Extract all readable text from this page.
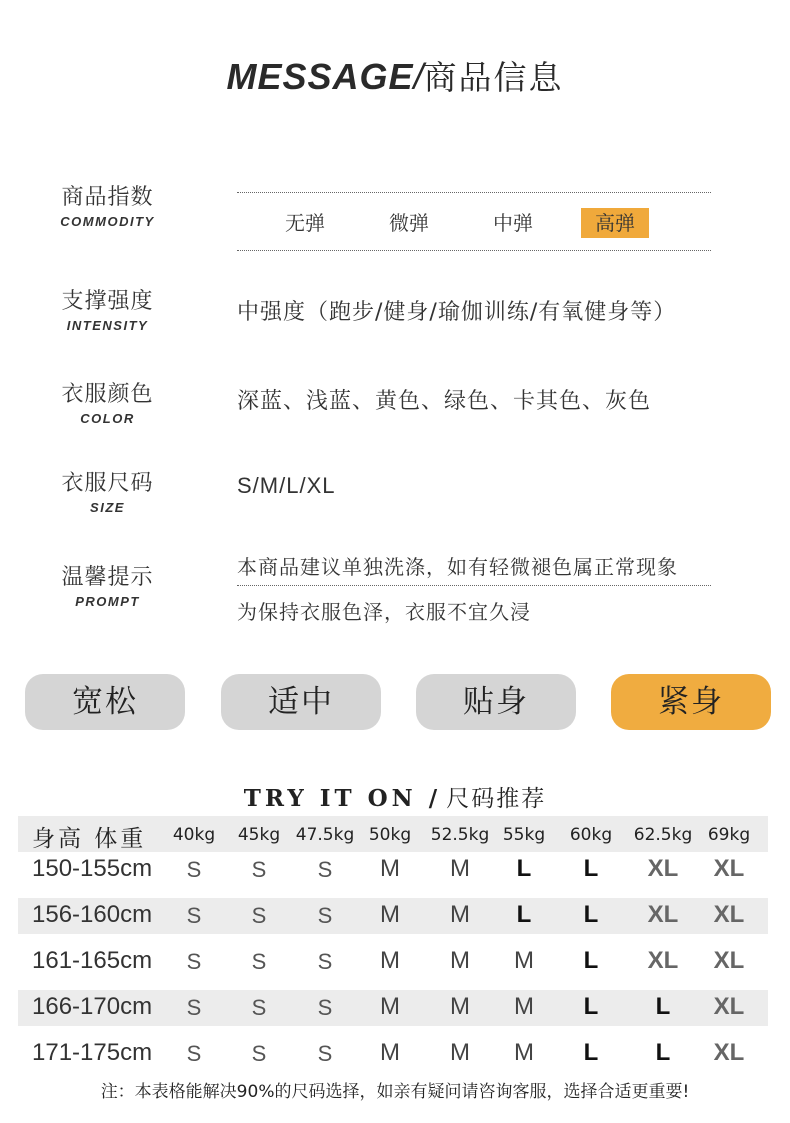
MESSAGE/商品信息
商品指数
COMMODITY	无弹	微弹	中弹	高弹
支撑强度
INTENSITY
中强度（跑步/健身/瑜伽训练/有氧健身等）
衣服颜色
COLOR
深蓝、浅蓝、黄色、绿色、卡其色、灰色
衣服尺码
SIZE
S/M/L/XL
温馨提示
PROMPT
本商品建议单独洗涤，如有轻微褪色属正常现象
为保持衣服色泽，衣服不宜久浸
宽松	适中	贴身	紧身
TRY IT ON / 尺码推荐
身高 体重 40kg 45kg 47.5kg 50kg 52.5kg 55kg 60kg 62.5kg 69kg
150-155cm S S S M M L L XL XL
156-160cm S S S M M L L XL XL
161-165cm S S S M M M L XL XL
166-170cm S S S M M M L L XL
171-175cm S S S M M M L L XL
注：本表格能解决90%的尺码选择，如亲有疑问请咨询客服，选择合适更重要!
